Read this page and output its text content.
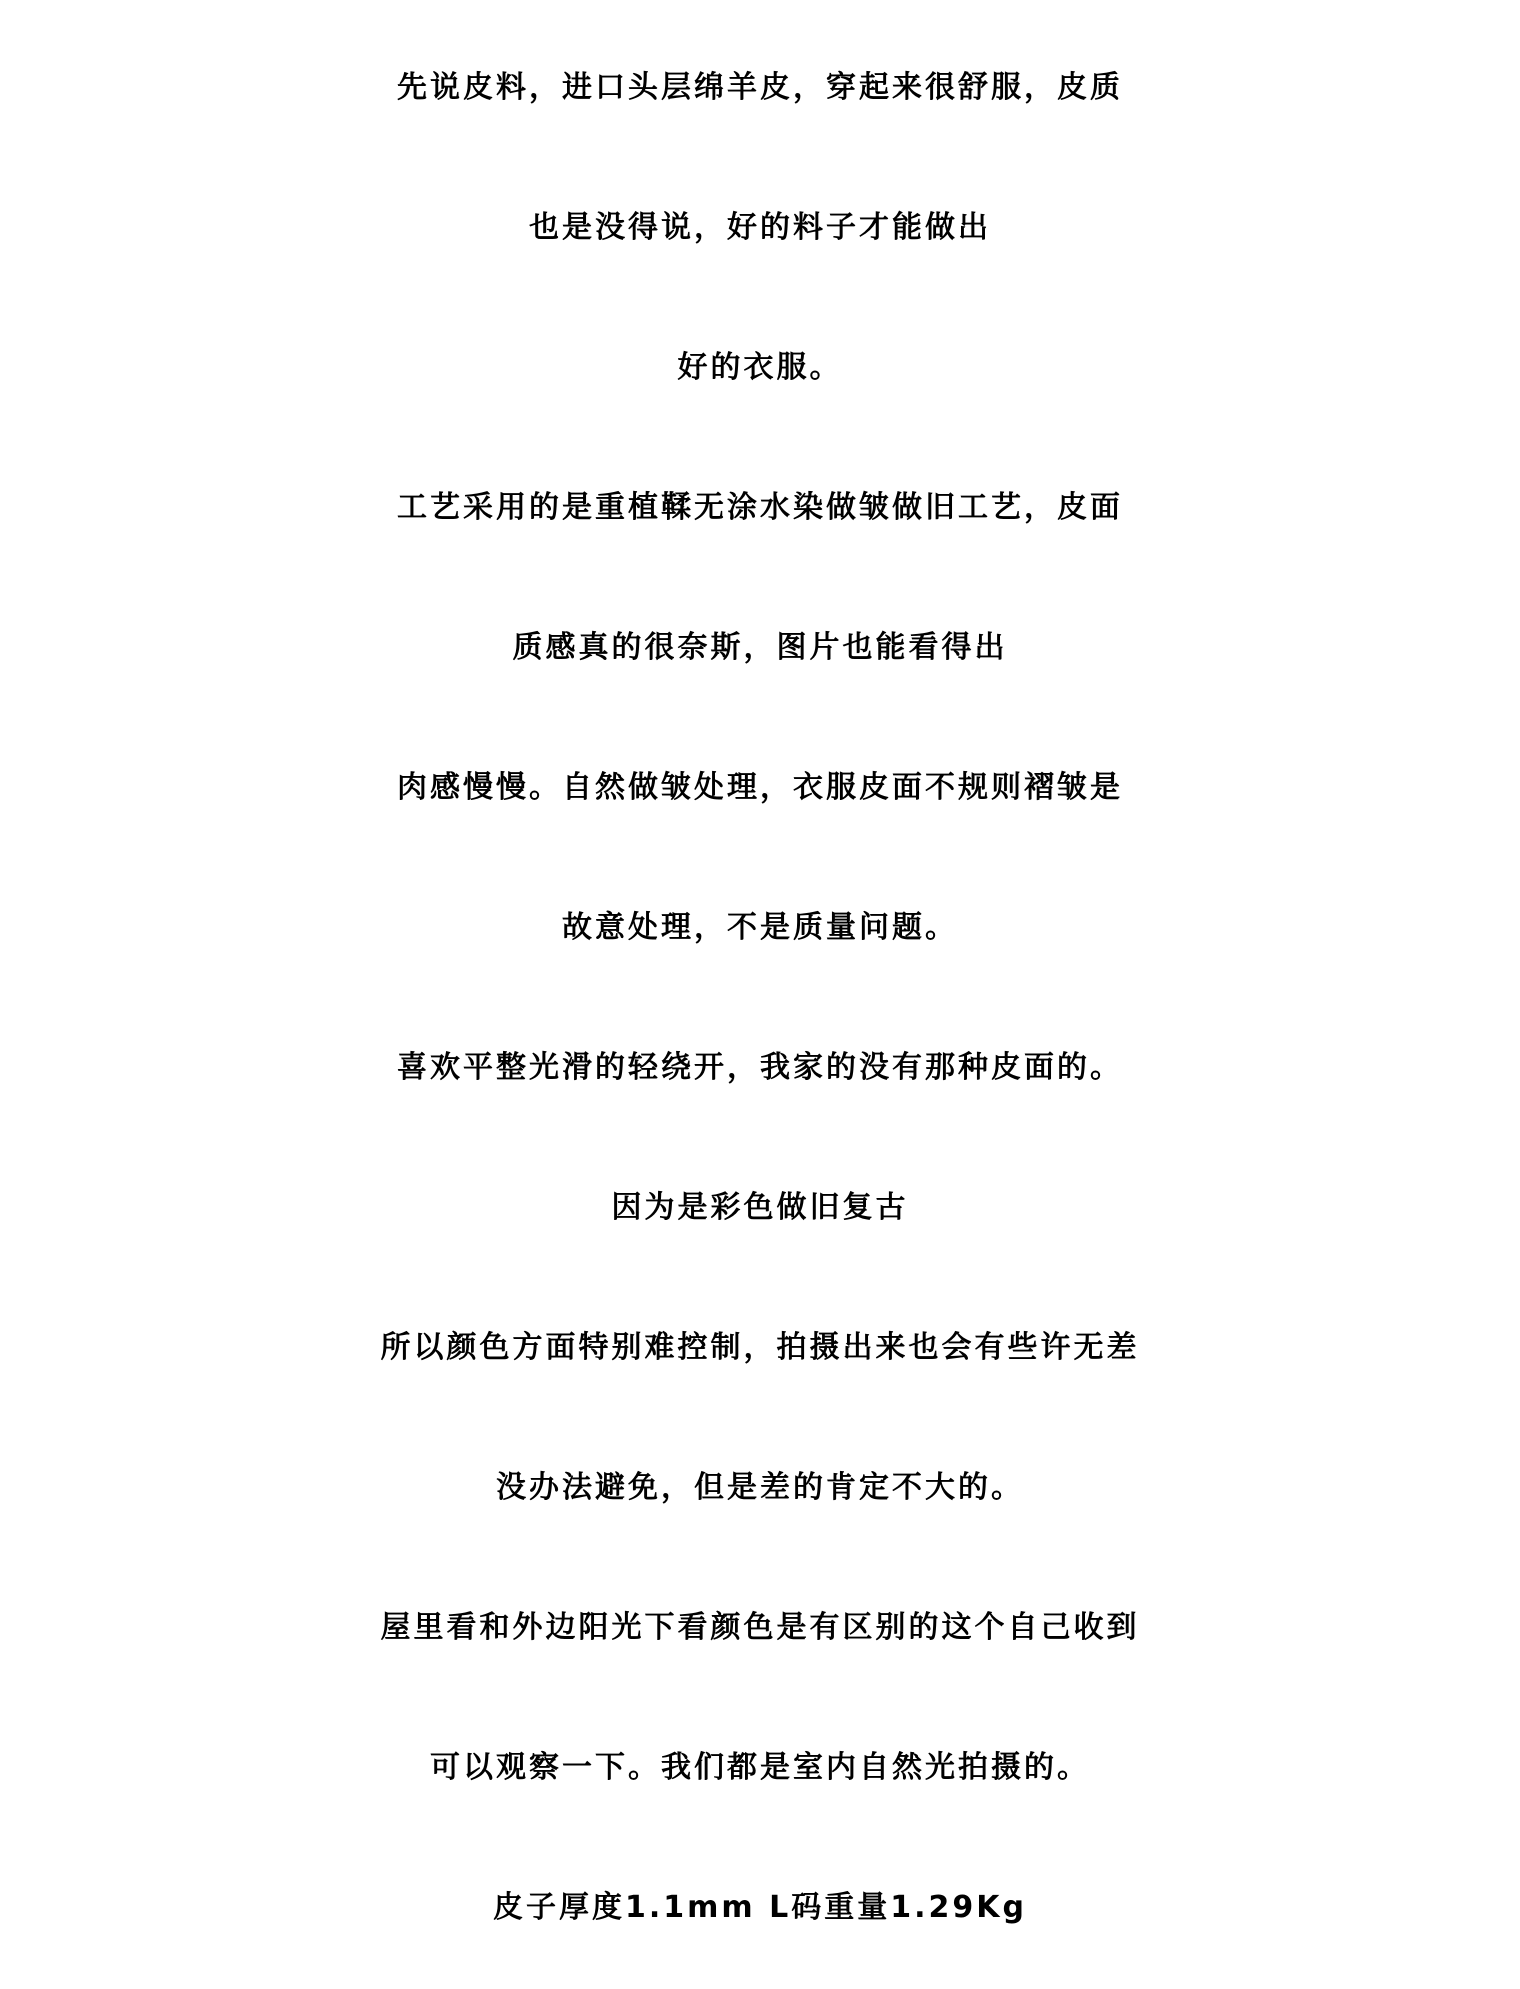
先说皮料，进口头层绵羊皮，穿起来很舒服，皮质
也是没得说，好的料子才能做出
好的衣服。
工艺采用的是重植鞣无涂水染做皱做旧工艺，皮面
质感真的很奈斯，图片也能看得出
肉感慢慢。自然做皱处理，衣服皮面不规则褶皱是
故意处理，不是质量问题。
喜欢平整光滑的轻绕开，我家的没有那种皮面的。
因为是彩色做旧复古
所以颜色方面特别难控制，拍摄出来也会有些许无差
没办法避免，但是差的肯定不大的。
屋里看和外边阳光下看颜色是有区别的这个自己收到
可以观察一下。我们都是室内自然光拍摄的。
皮子厚度1.1mm L码重量1.29Kg
